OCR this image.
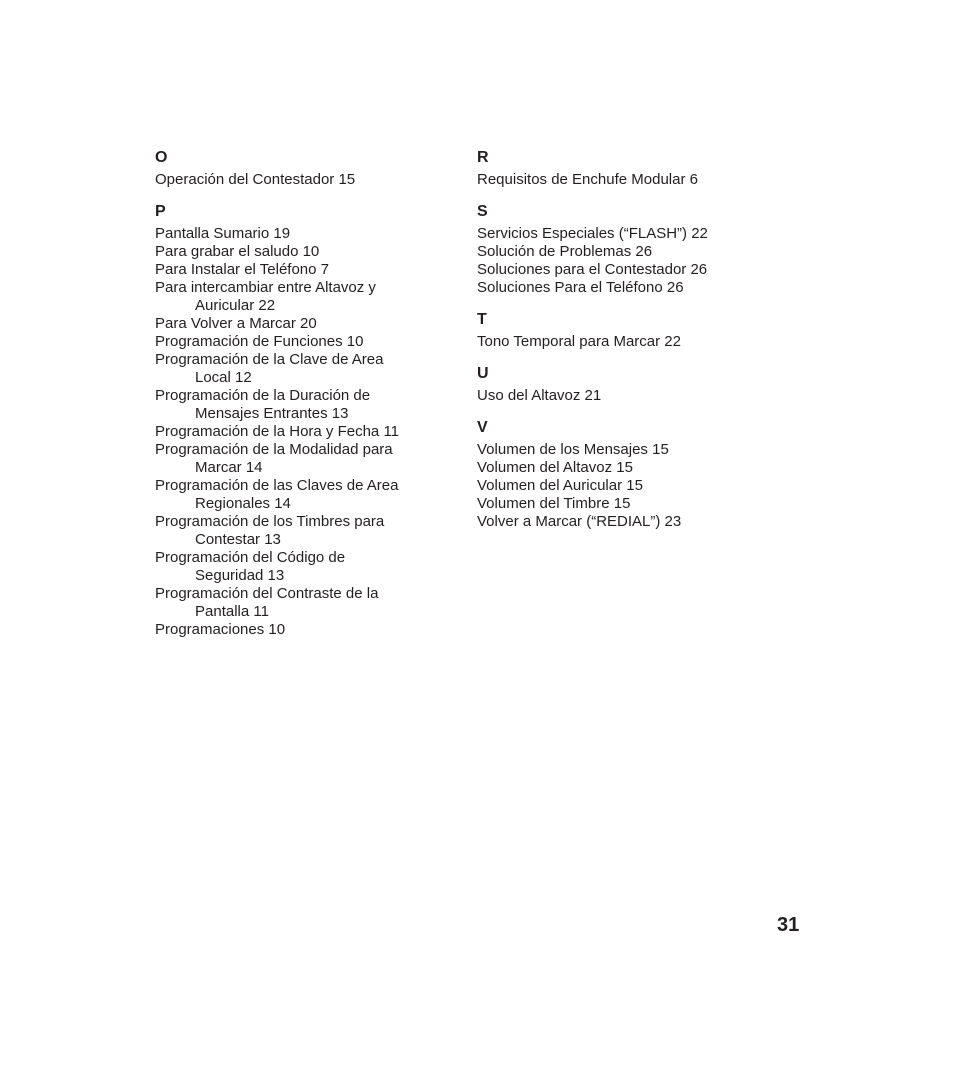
O
Operación del Contestador 15
P
Pantalla Sumario 19
Para grabar el saludo 10
Para Instalar el Teléfono 7
Para intercambiar entre Altavoz y
Auricular 22
Para Volver a Marcar 20
Programación de Funciones 10
Programación de la Clave de Area
Local 12
Programación de la Duración de
Mensajes Entrantes 13
Programación de la Hora y Fecha 11
Programación de la Modalidad para
Marcar 14
Programación de las Claves de Area
Regionales 14
Programación de los Timbres para
Contestar 13
Programación del Código de
Seguridad 13
Programación del Contraste de la
Pantalla 11
Programaciones 10
R
Requisitos de Enchufe Modular 6
S
Servicios Especiales (“FLASH”) 22
Solución de Problemas 26
Soluciones para el Contestador 26
Soluciones Para el Teléfono 26
T
Tono Temporal para Marcar 22
U
Uso del Altavoz 21
V
Volumen de los Mensajes 15
Volumen del Altavoz 15
Volumen del Auricular 15
Volumen del Timbre 15
Volver a Marcar (“REDIAL”) 23
31
